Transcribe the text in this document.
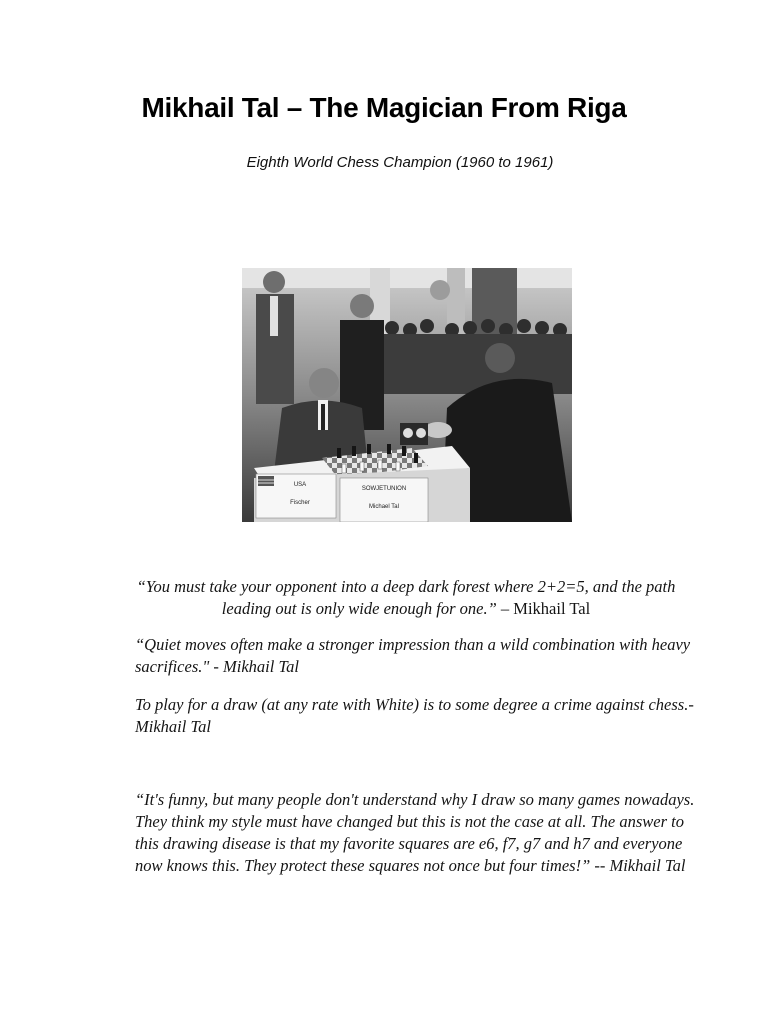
Mikhail Tal – The Magician From Riga
Eighth World Chess Champion (1960 to 1961)
USA
Fischer
SOWJETUNION
Michael Tal

“You must take your opponent into a deep dark forest where 2+2=5, and the path leading out is only wide enough for one.” – Mikhail Tal

“Quiet moves often make a stronger impression than a wild combination with heavy sacrifices." - Mikhail Tal

To play for a draw (at any rate with White) is to some degree a crime against chess.- Mikhail Tal

“It's funny, but many people don't understand why I draw so many games nowadays. They think my style must have changed but this is not the case at all. The answer to this drawing disease is that my favorite squares are e6, f7, g7 and h7 and everyone now knows this. They protect these squares not once but four times!” -- Mikhail Tal
